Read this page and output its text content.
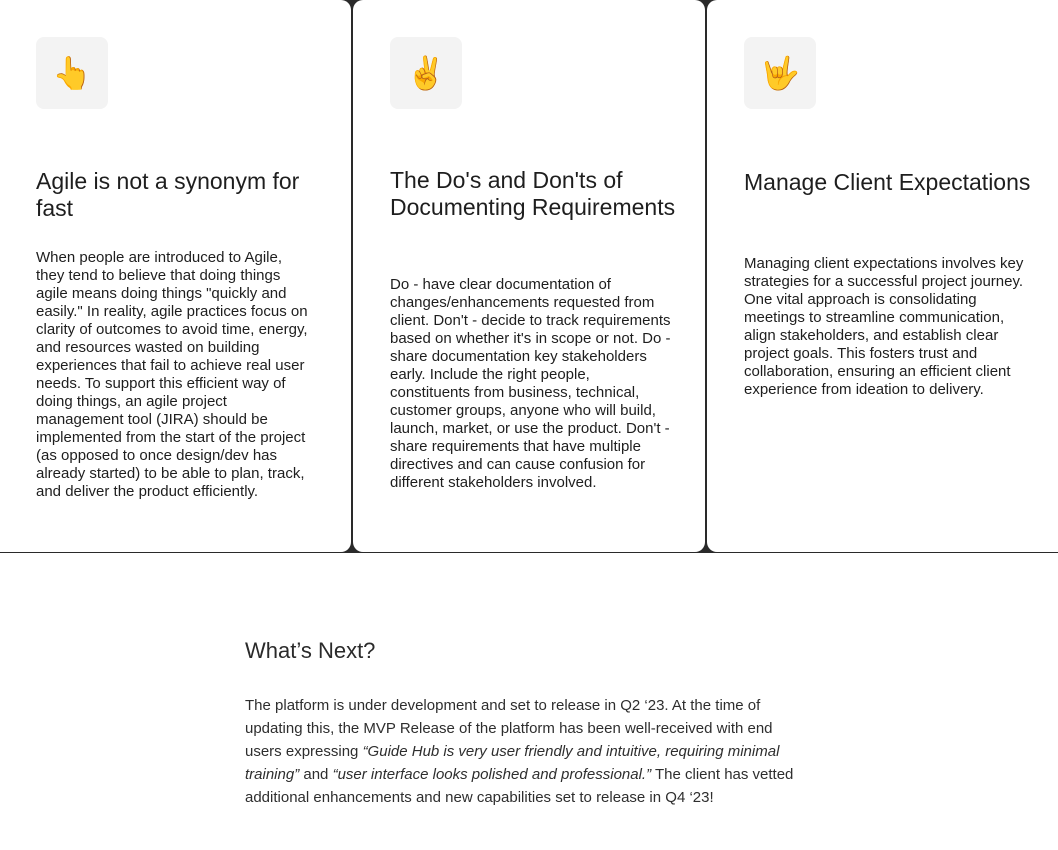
👆
Agile is not a synonym for fast

When people are introduced to Agile, they tend to believe that doing things agile means doing things "quickly and easily." In reality, agile practices focus on clarity of outcomes to avoid time, energy, and resources wasted on building experiences that fail to achieve real user needs. To support this efficient way of doing things, an agile project management tool (JIRA) should be implemented from the start of the project (as opposed to once design/dev has already started) to be able to plan, track, and deliver the product efficiently.

✌️
The Do's and Don'ts of Documenting Requirements

Do - have clear documentation of changes/enhancements requested from client. Don't - decide to track requirements based on whether it's in scope or not. Do - share documentation key stakeholders early. Include the right people, constituents from business, technical, customer groups, anyone who will build, launch, market, or use the product. Don't - share requirements that have multiple directives and can cause confusion for different stakeholders involved.

🤟
Manage Client Expectations

Managing client expectations involves key strategies for a successful project journey. One vital approach is consolidating meetings to streamline communication, align stakeholders, and establish clear project goals. This fosters trust and collaboration, ensuring an efficient client experience from ideation to delivery.

What’s Next?

The platform is under development and set to release in Q2 ‘23. At the time of updating this, the MVP Release of the platform has been well-received with end users expressing “Guide Hub is very user friendly and intuitive, requiring minimal training” and “user interface looks polished and professional.” The client has vetted additional enhancements and new capabilities set to release in Q4 ‘23!
